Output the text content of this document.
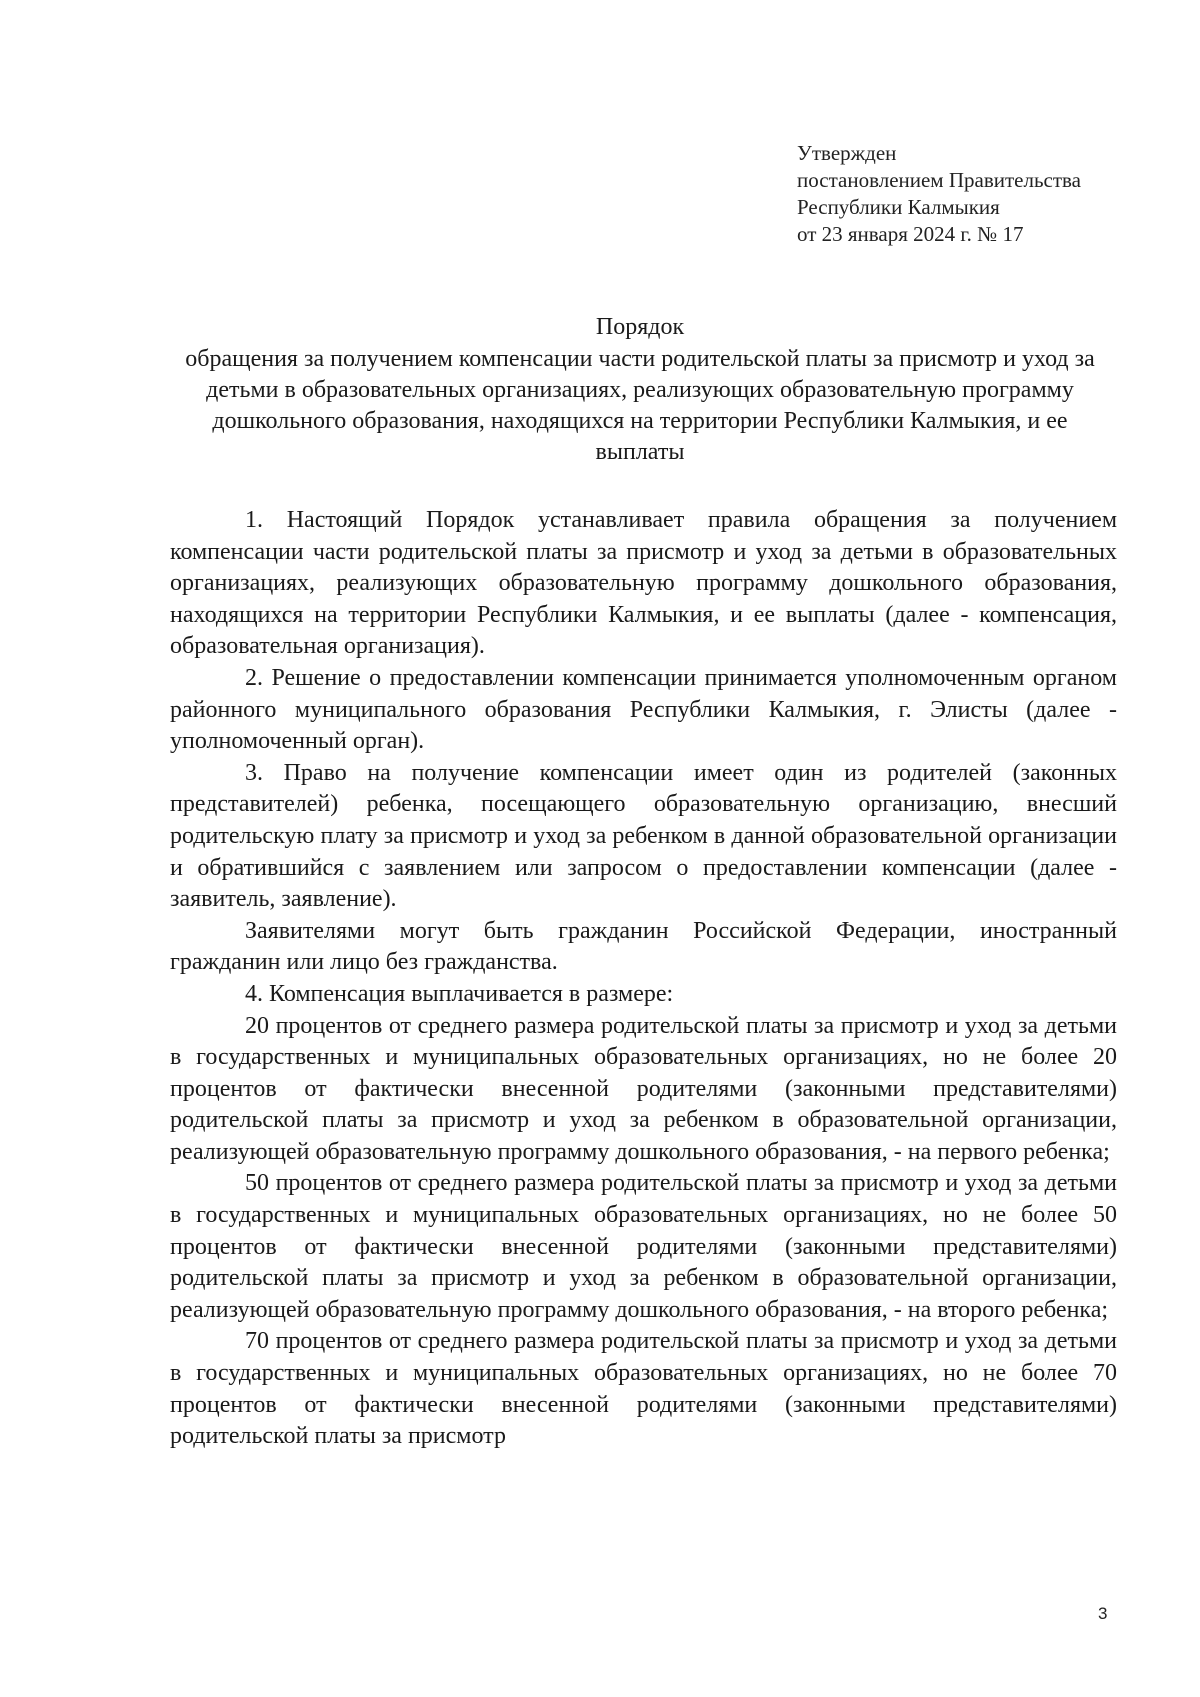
Утвержден
постановлением Правительства
Республики Калмыкия
от 23 января 2024 г. № 17
Порядок
обращения за получением компенсации части родительской платы за присмотр и уход за детьми в образовательных организациях, реализующих образовательную программу дошкольного образования, находящихся на территории Республики Калмыкия, и ее выплаты

1. Настоящий Порядок устанавливает правила обращения за получением компенсации части родительской платы за присмотр и уход за детьми в образовательных организациях, реализующих образовательную программу дошкольного образования, находящихся на территории Республики Калмыкия, и ее выплаты (далее - компенсация, образовательная организация).

2. Решение о предоставлении компенсации принимается уполномоченным органом районного муниципального образования Республики Калмыкия, г. Элисты (далее - уполномоченный орган).

3. Право на получение компенсации имеет один из родителей (законных представителей) ребенка, посещающего образовательную организацию, внесший родительскую плату за присмотр и уход за ребенком в данной образовательной организации и обратившийся с заявлением или запросом о предоставлении компенсации (далее - заявитель, заявление).

Заявителями могут быть гражданин Российской Федерации, иностранный гражданин или лицо без гражданства.

4. Компенсация выплачивается в размере:

20 процентов от среднего размера родительской платы за присмотр и уход за детьми в государственных и муниципальных образовательных организациях, но не более 20 процентов от фактически внесенной родителями (законными представителями) родительской платы за присмотр и уход за ребенком в образовательной организации, реализующей образовательную программу дошкольного образования, - на первого ребенка;

50 процентов от среднего размера родительской платы за присмотр и уход за детьми в государственных и муниципальных образовательных организациях, но не более 50 процентов от фактически внесенной родителями (законными представителями) родительской платы за присмотр и уход за ребенком в образовательной организации, реализующей образовательную программу дошкольного образования, - на второго ребенка;

70 процентов от среднего размера родительской платы за присмотр и уход за детьми в государственных и муниципальных образовательных организациях, но не более 70 процентов от фактически внесенной родителями (законными представителями) родительской платы за присмотр

3
